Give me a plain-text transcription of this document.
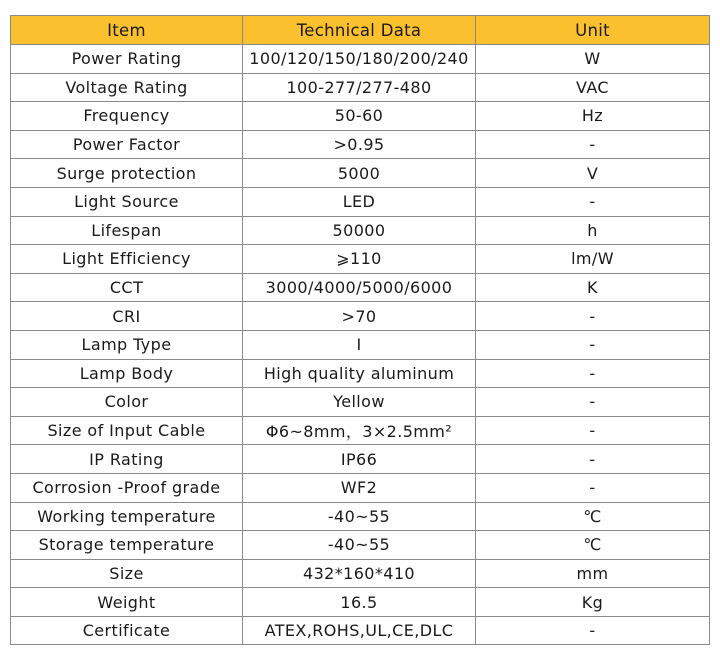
Item	Technical Data	Unit
Power Rating	100/120/150/180/200/240	W
Voltage Rating	100-277/277-480	VAC
Frequency	50-60	Hz
Power Factor	>0.95	-
Surge protection	5000	V
Light Source	LED	-
Lifespan	50000	h
Light Efficiency	⩾110	lm/W
CCT	3000/4000/5000/6000	K
CRI	>70	-
Lamp Type	I	-
Lamp Body	High quality aluminum	-
Color	Yellow	-
Size of Input Cable	Φ6~8mm，3×2.5mm²	-
IP Rating	IP66	-
Corrosion -Proof grade	WF2	-
Working temperature	-40~55	℃
Storage temperature	-40~55	℃
Size	432*160*410	mm
Weight	16.5	Kg
Certificate	ATEX,ROHS,UL,CE,DLC	-
